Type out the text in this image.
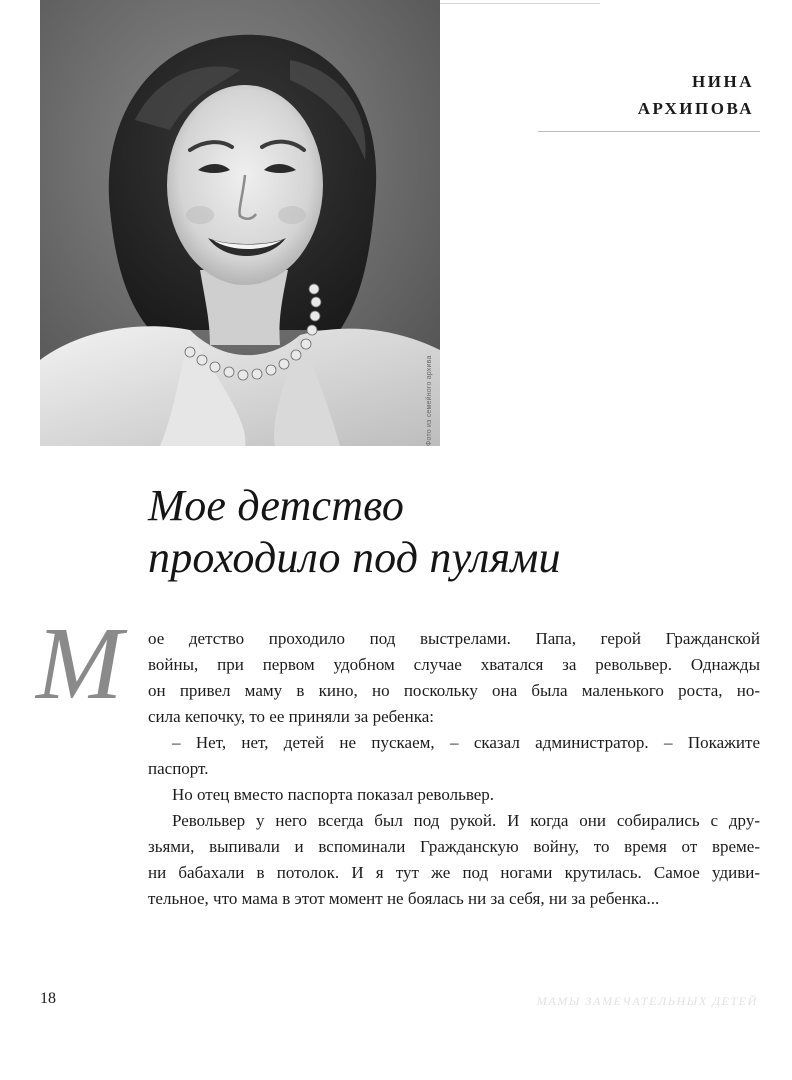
Фото из семейного архива
НИНА
АРХИПОВА
Мое детство
проходило под пулями
М ое детство проходило под выстрелами. Папа, герой Гражданской
войны, при первом удобном случае хватался за револьвер. Однажды
он привел маму в кино, но поскольку она была маленького роста, но-
сила кепочку, то ее приняли за ребенка:
– Нет, нет, детей не пускаем, – сказал администратор. – Покажите
паспорт.
Но отец вместо паспорта показал револьвер.
Револьвер у него всегда был под рукой. И когда они собирались с дру-
зьями, выпивали и вспоминали Гражданскую войну, то время от време-
ни бабахали в потолок. И я тут же под ногами крутилась. Самое удиви-
тельное, что мама в этот момент не боялась ни за себя, ни за ребенка...
18	МАМЫ ЗАМЕЧАТЕЛЬНЫХ ДЕТЕЙ
